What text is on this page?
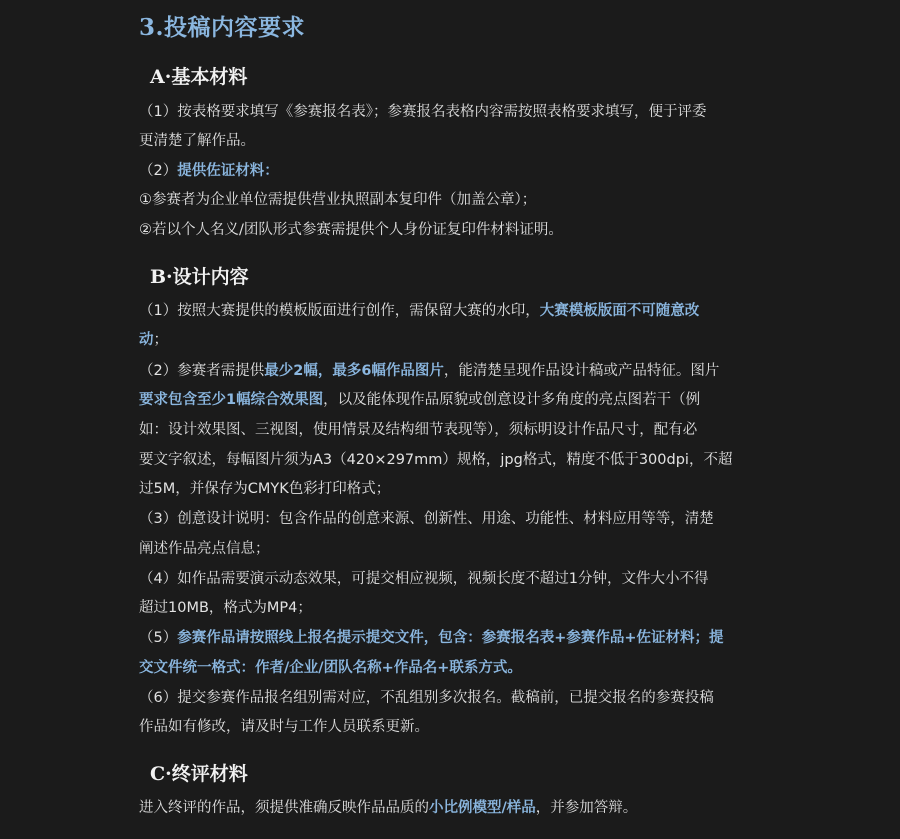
3.投稿内容要求
A·基本材料

（1）按表格要求填写《参赛报名表》；参赛报名表格内容需按照表格要求填写，便于评委

更清楚了解作品。

（2）提供佐证材料：

①参赛者为企业单位需提供营业执照副本复印件（加盖公章）；

②若以个人名义/团队形式参赛需提供个人身份证复印件材料证明。

B·设计内容

（1）按照大赛提供的模板版面进行创作，需保留大赛的水印，大赛模板版面不可随意改

动；

（2）参赛者需提供最少2幅，最多6幅作品图片，能清楚呈现作品设计稿或产品特征。图片

要求包含至少1幅综合效果图，以及能体现作品原貌或创意设计多角度的亮点图若干（例

如：设计效果图、三视图，使用情景及结构细节表现等），须标明设计作品尺寸，配有必

要文字叙述，每幅图片须为A3（420×297mm）规格，jpg格式，精度不低于300dpi，不超

过5M，并保存为CMYK色彩打印格式；

（3）创意设计说明：包含作品的创意来源、创新性、用途、功能性、材料应用等等，清楚

阐述作品亮点信息；

（4）如作品需要演示动态效果，可提交相应视频，视频长度不超过1分钟，文件大小不得

超过10MB，格式为MP4；

（5）参赛作品请按照线上报名提示提交文件，包含：参赛报名表+参赛作品+佐证材料；提

交文件统一格式：作者/企业/团队名称+作品名+联系方式。

（6）提交参赛作品报名组别需对应，不乱组别多次报名。截稿前，已提交报名的参赛投稿

作品如有修改，请及时与工作人员联系更新。

C·终评材料

进入终评的作品，须提供准确反映作品品质的小比例模型/样品，并参加答辩。
